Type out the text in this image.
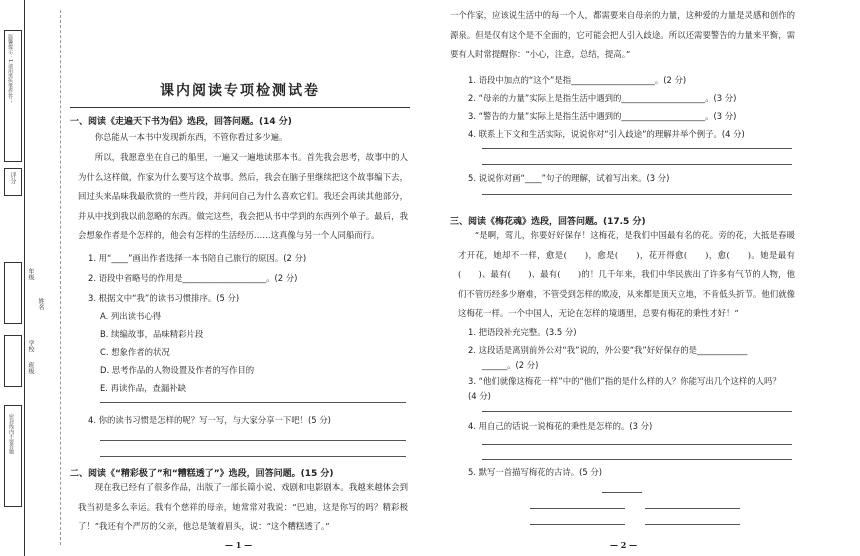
温馨提示：1.请用黑色笔作答；
评分
密封线内不要答题
年级
姓名
学校
班级
课内阅读专项检测试卷
一、阅读《走遍天下书为侣》选段，回答问题。(14 分)
你总能从一本书中发现新东西，不管你看过多少遍。
所以，我愿意坐在自己的船里，一遍又一遍地读那本书。首先我会思考，故事中的人为什么这样做，作家为什么要写这个故事。然后，我会在脑子里继续把这个故事编下去，回过头来品味我最欣赏的一些片段，并问问自己为什么喜欢它们。我还会再读其他部分，并从中找到我以前忽略的东西。做完这些，我会把从书中学到的东西列个单子。最后，我会想象作者是个怎样的，他会有怎样的生活经历……这真像与另一个人同船而行。
1. 用“____”画出作者选择一本书陪自己旅行的原因。(2 分)
2. 语段中省略号的作用是____________________。(2 分)
3. 根据文中“我”的读书习惯排序。(5 分)
A. 列出读书心得
B. 续编故事，品味精彩片段
C. 想象作者的状况
D. 思考作品的人物设置及作者的写作目的
E. 再读作品，查漏补缺
4. 你的读书习惯是怎样的呢？写一写，与大家分享一下吧！(5 分)
二、阅读《“精彩极了”和“糟糕透了”》选段，回答问题。(15 分)
现在我已经有了很多作品，出版了一部长篇小说、戏剧和电影剧本。我越来越体会到我当初是多么幸运。我有个慈祥的母亲，她常常对我说：“巴迪，这是你写的吗？精彩极了！”我还有个严厉的父亲，他总是皱着眉头，说：“这个糟糕透了。”
— 1 —
一个作家，应该说生活中的每一个人，都需要来自母亲的力量，这种爱的力量是灵感和创作的源泉。但是仅有这个是不全面的，它可能会把人引入歧途。所以还需要警告的力量来平衡，需要有人时常提醒你：“小心，注意，总结，提高。”
1. 语段中加点的“这个”是指____________________。(2 分)
2. “母亲的力量”实际上是指生活中遇到的____________________。(3 分)
3. “警告的力量”实际上是指生活中遇到的____________________。(3 分)
4. 联系上下文和生活实际，说说你对“引入歧途”的理解并举个例子。(4 分)
5. 说说你对画“____”句子的理解，试着写出来。(3 分)
三、阅读《梅花魂》选段，回答问题。(17.5 分)
“是啊，莺儿，你要好好保存！这梅花，是我们中国最有名的花。旁的花，大抵是春暖才开花，她却不一样，愈是(　　)，愈是(　　)，花开得愈(　　)，愈(　　)。她是最有(　　)、最有(　　)、最有(　　)的！几千年来，我们中华民族出了许多有气节的人物，他们不管历经多少磨难，不管受到怎样的欺凌，从来都是顶天立地，不肯低头折节。他们就像这梅花一样。一个中国人，无论在怎样的境遇里，总要有梅花的秉性才好！”
1. 把语段补充完整。(3.5 分)
2. 这段话是离别前外公对“我”说的，外公要“我”好好保存的是____________
______。(2 分)
3. “他们就像这梅花一样”中的“他们”指的是什么样的人？你能写出几个这样的人吗？(4 分)
4. 用自己的话说一说梅花的秉性是怎样的。(3 分)
5. 默写一首描写梅花的古诗。(5 分)
— 2 —
